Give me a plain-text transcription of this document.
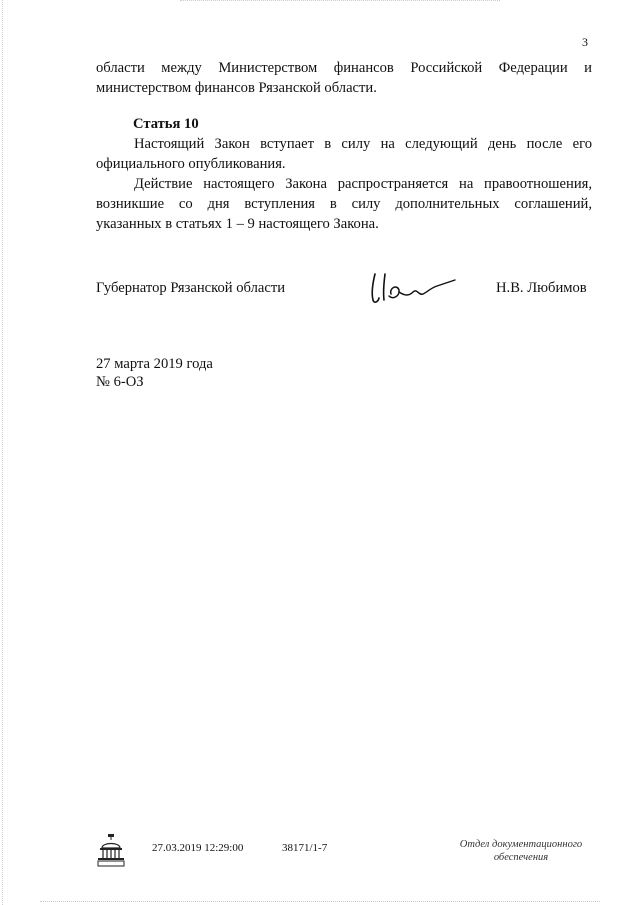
3
области между Министерством финансов Российской Федерации и
министерством финансов Рязанской области.
Статья 10
Настоящий Закон вступает в силу на следующий день после его
официального опубликования.
Действие настоящего Закона распространяется на правоотношения,
возникшие со дня вступления в силу дополнительных соглашений,
указанных в статьях 1 – 9 настоящего Закона.
Губернатор Рязанской области	Н.В. Любимов
27 марта 2019 года
№ 6-ОЗ
27.03.2019 12:29:00	38171/1-7	Отдел документационного
обеспечения
